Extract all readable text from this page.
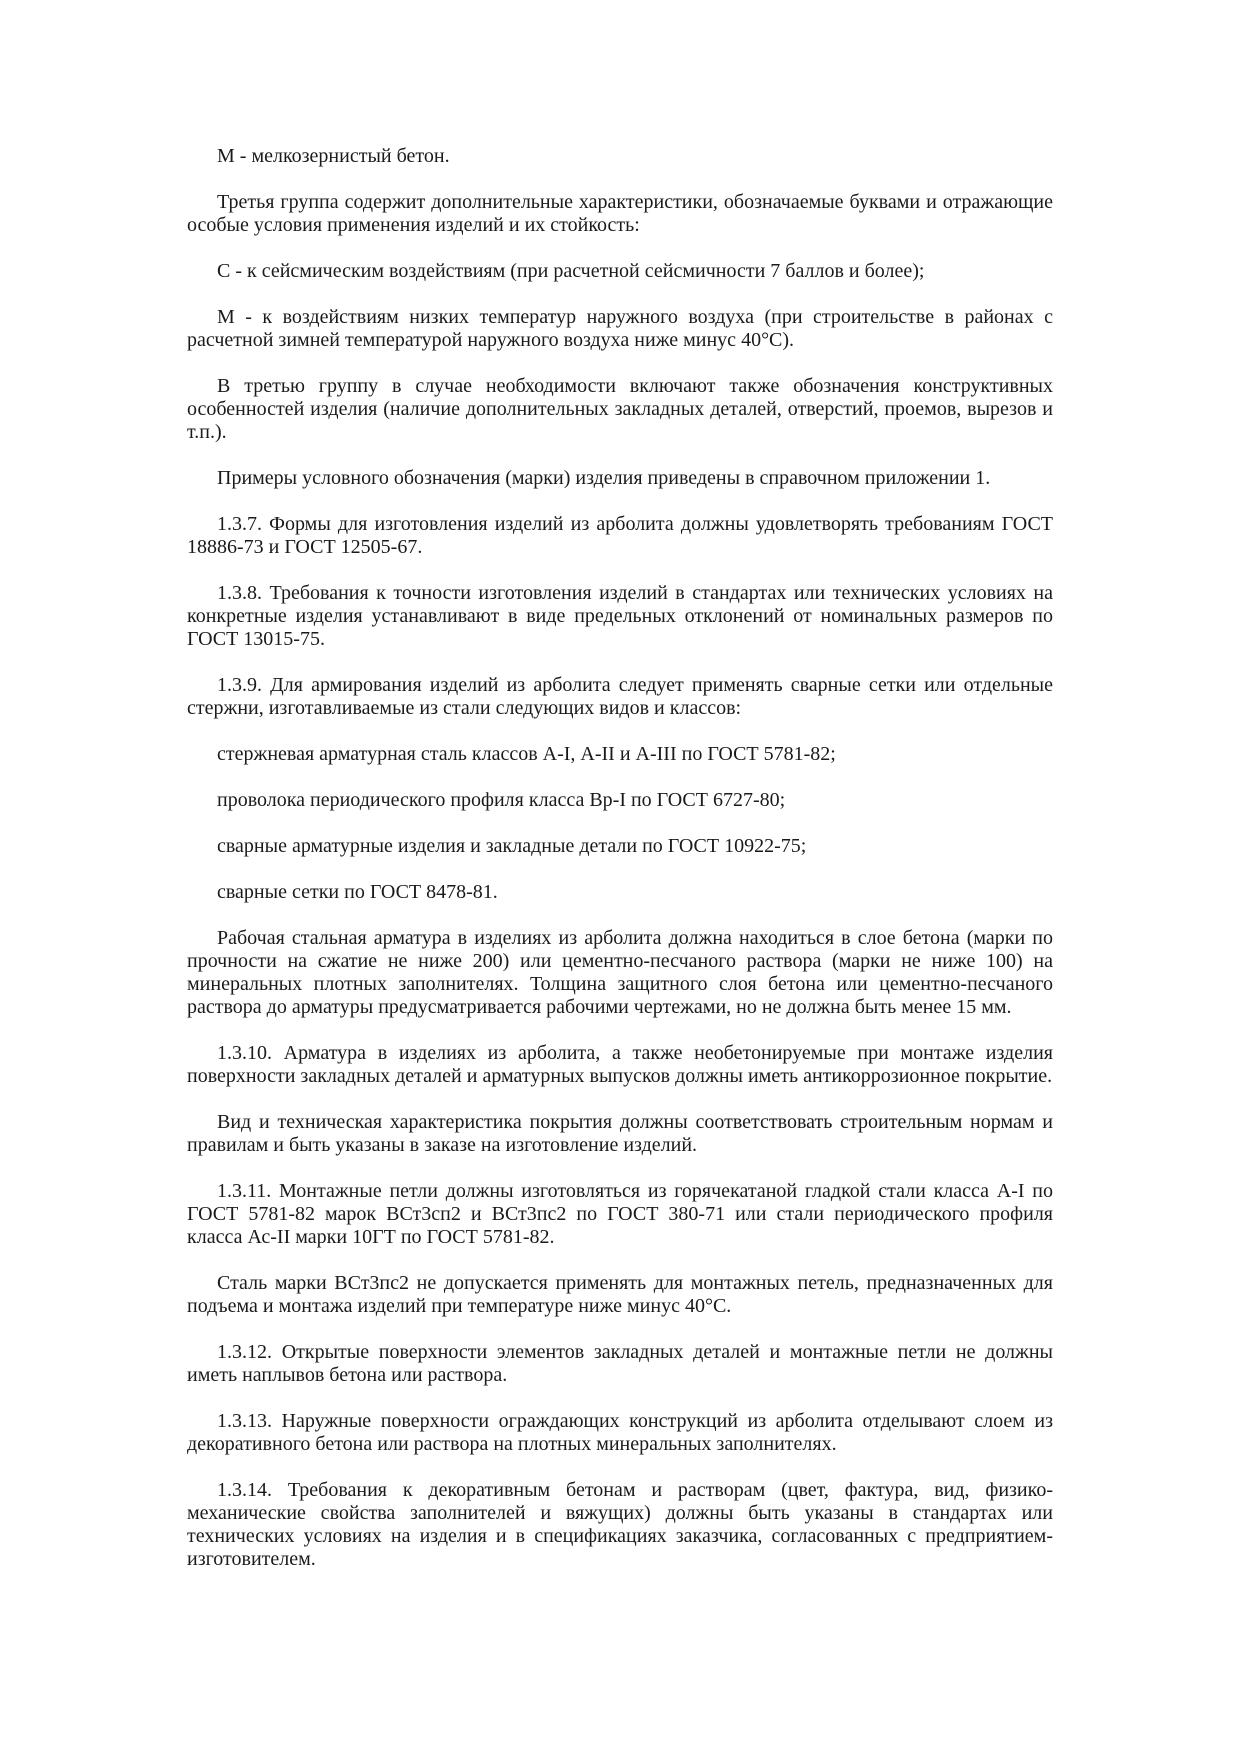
М - мелкозернистый бетон.

Третья группа содержит дополнительные характеристики, обозначаемые буквами и отражающие особые условия применения изделий и их стойкость:

С - к сейсмическим воздействиям (при расчетной сейсмичности 7 баллов и более);

М - к воздействиям низких температур наружного воздуха (при строительстве в районах с расчетной зимней температурой наружного воздуха ниже минус 40°С).

В третью группу в случае необходимости включают также обозначения конструктивных особенностей изделия (наличие дополнительных закладных деталей, отверстий, проемов, вырезов и т.п.).

Примеры условного обозначения (марки) изделия приведены в справочном приложении 1.

1.3.7. Формы для изготовления изделий из арболита должны удовлетворять требованиям ГОСТ 18886-73 и ГОСТ 12505-67.

1.3.8. Требования к точности изготовления изделий в стандартах или технических условиях на конкретные изделия устанавливают в виде предельных отклонений от номинальных размеров по ГОСТ 13015-75.

1.3.9. Для армирования изделий из арболита следует применять сварные сетки или отдельные стержни, изготавливаемые из стали следующих видов и классов:

стержневая арматурная сталь классов А-I, А-II и А-III по ГОСТ 5781-82;

проволока периодического профиля класса Вр-I по ГОСТ 6727-80;

сварные арматурные изделия и закладные детали по ГОСТ 10922-75;

сварные сетки по ГОСТ 8478-81.

Рабочая стальная арматура в изделиях из арболита должна находиться в слое бетона (марки по прочности на сжатие не ниже 200) или цементно-песчаного раствора (марки не ниже 100) на минеральных плотных заполнителях. Толщина защитного слоя бетона или цементно-песчаного раствора до арматуры предусматривается рабочими чертежами, но не должна быть менее 15 мм.

1.3.10. Арматура в изделиях из арболита, а также необетонируемые при монтаже изделия поверхности закладных деталей и арматурных выпусков должны иметь антикоррозионное покрытие.

Вид и техническая характеристика покрытия должны соответствовать строительным нормам и правилам и быть указаны в заказе на изготовление изделий.

1.3.11. Монтажные петли должны изготовляться из горячекатаной гладкой стали класса А-I по ГОСТ 5781-82 марок ВСт3сп2 и ВСт3пс2 по ГОСТ 380-71 или стали периодического профиля класса Ас-II марки 10ГТ по ГОСТ 5781-82.

Сталь марки ВСт3пс2 не допускается применять для монтажных петель, предназначенных для подъема и монтажа изделий при температуре ниже минус 40°С.

1.3.12. Открытые поверхности элементов закладных деталей и монтажные петли не должны иметь наплывов бетона или раствора.

1.3.13. Наружные поверхности ограждающих конструкций из арболита отделывают слоем из декоративного бетона или раствора на плотных минеральных заполнителях.

1.3.14. Требования к декоративным бетонам и растворам (цвет, фактура, вид, физико-механические свойства заполнителей и вяжущих) должны быть указаны в стандартах или технических условиях на изделия и в спецификациях заказчика, согласованных с предприятием-изготовителем.
